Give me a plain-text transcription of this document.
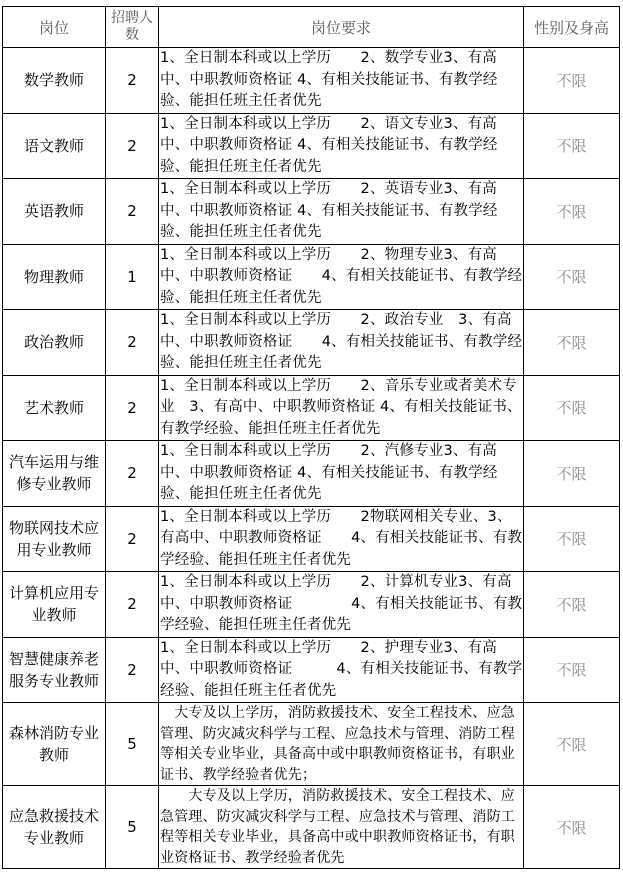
岗位	招聘人数	岗位要求	性别及身高
数学教师	2	1、全日制本科或以上学历　　2、数学专业3、有高中、中职教师资格证 4、有相关技能证书、有教学经验、能担任班主任者优先	不限
语文教师	2	1、全日制本科或以上学历　　2、语文专业3、有高中、中职教师资格证 4、有相关技能证书、有教学经验、能担任班主任者优先	不限
英语教师	2	1、全日制本科或以上学历　　2、英语专业3、有高中、中职教师资格证 4、有相关技能证书、有教学经验、能担任班主任者优先	不限
物理教师	1	1、全日制本科或以上学历　　2、物理专业3、有高中、中职教师资格证　　4、有相关技能证书、有教学经验、能担任班主任者优先	不限
政治教师	2	1、全日制本科或以上学历　　2、政治专业　3、有高中、中职教师资格证　　4、有相关技能证书、有教学经验、能担任班主任者优先	不限
艺术教师	2	1、全日制本科或以上学历　　2、音乐专业或者美术专业　3、有高中、中职教师资格证 4、有相关技能证书、有教学经验、能担任班主任者优先	不限
汽车运用与维修专业教师	2	1、全日制本科或以上学历　　2、汽修专业3、有高中、中职教师资格证 4、有相关技能证书、有教学经验、能担任班主任者优先	不限
物联网技术应用专业教师	2	1、全日制本科或以上学历　　2物联网相关专业、3、有高中、中职教师资格证　　4、有相关技能证书、有教学经验、能担任班主任者优先	不限
计算机应用专业教师	2	1、全日制本科或以上学历　　2、计算机专业3、有高中、中职教师资格证　　　　4、有相关技能证书、有教学经验、能担任班主任者优先	不限
智慧健康养老服务专业教师	2	1、全日制本科或以上学历　　2、护理专业3、有高中、中职教师资格证　　　4、有相关技能证书、有教学经验、能担任班主任者优先	不限
森林消防专业教师	5	　大专及以上学历，消防救援技术、安全工程技术、应急管理、防灾减灾科学与工程、应急技术与管理、消防工程等相关专业毕业，具备高中或中职教师资格证书，有职业证书、教学经验者优先；	不限
应急救援技术专业教师	5	　　大专及以上学历，消防救援技术、安全工程技术、应急管理、防灾减灾科学与工程、应急技术与管理、消防工程等相关专业毕业，具备高中或中职教师资格证书，有职业资格证书、教学经验者优先	不限
